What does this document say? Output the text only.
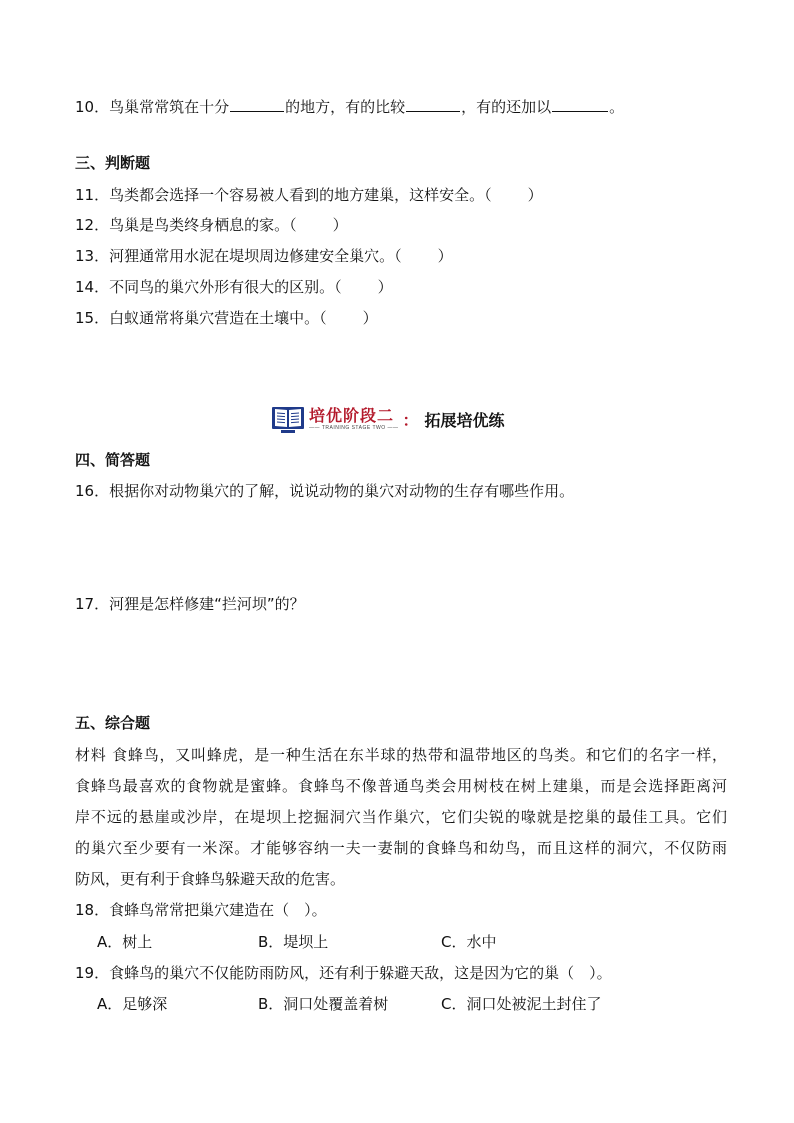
10．鸟巢常常筑在十分	的地方，有的比较	，有的还加以	。
三、判断题
11．鸟类都会选择一个容易被人看到的地方建巢，这样安全。（ ）
12．鸟巢是鸟类终身栖息的家。（ ）
13．河狸通常用水泥在堤坝周边修建安全巢穴。（ ）
14．不同鸟的巢穴外形有很大的区别。（ ）
15．白蚁通常将巢穴营造在土壤中。（ ）
培优阶段二
—— TRAINING STAGE TWO —— ： 拓展培优练
四、简答题
16．根据你对动物巢穴的了解，说说动物的巢穴对动物的生存有哪些作用。
17．河狸是怎样修建“拦河坝”的？
五、综合题
材料 食蜂鸟，又叫蜂虎，是一种生活在东半球的热带和温带地区的鸟类。和它们的名字一样，
食蜂鸟最喜欢的食物就是蜜蜂。食蜂鸟不像普通鸟类会用树枝在树上建巢，而是会选择距离河
岸不远的悬崖或沙岸，在堤坝上挖掘洞穴当作巢穴，它们尖锐的喙就是挖巢的最佳工具。它们
的巢穴至少要有一米深。才能够容纳一夫一妻制的食蜂鸟和幼鸟，而且这样的洞穴，不仅防雨
防风，更有利于食蜂鸟躲避天敌的危害。
18．食蜂鸟常常把巢穴建造在（　）。
A．树上	B．堤坝上	C．水中
19．食蜂鸟的巢穴不仅能防雨防风，还有利于躲避天敌，这是因为它的巢（　）。
A．足够深	B．洞口处覆盖着树	C．洞口处被泥土封住了
